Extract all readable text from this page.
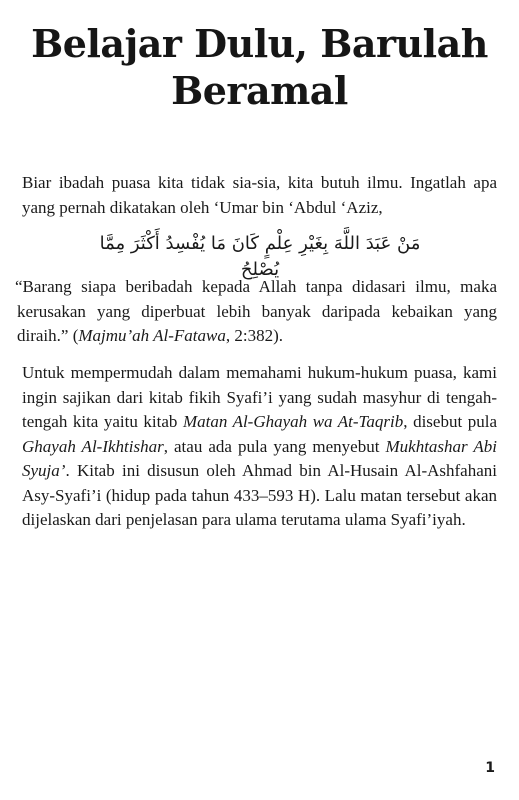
Belajar Dulu, Barulah
Beramal

Biar ibadah puasa kita tidak sia-sia, kita butuh ilmu. Ingatlah apa yang pernah dikatakan oleh ‘Umar bin ‘Abdul ‘Aziz,

مَنْ عَبَدَ اللَّهَ بِغَيْرِ عِلْمٍ كَانَ مَا يُفْسِدُ أَكْثَرَ مِمَّا يُصْلِحُ

“Barang siapa beribadah kepada Allah tanpa didasari ilmu, maka kerusakan yang diperbuat lebih banyak daripada kebaikan yang diraih.” (Majmu’ah Al-Fatawa, 2:382).

Untuk mempermudah dalam memahami hukum-hukum puasa, kami ingin sajikan dari kitab fikih Syafi’i yang sudah masyhur di tengah-tengah kita yaitu kitab Matan Al-Ghayah wa At-Taqrib, disebut pula Ghayah Al-Ikhtishar, atau ada pula yang menyebut Mukhtashar Abi Syuja’. Kitab ini disusun oleh Ahmad bin Al-Husain Al-Ashfahani Asy-Syafi’i (hidup pada tahun 433–593 H). Lalu matan tersebut akan dijelaskan dari penjelasan para ulama terutama ulama Syafi’iyah.

1
